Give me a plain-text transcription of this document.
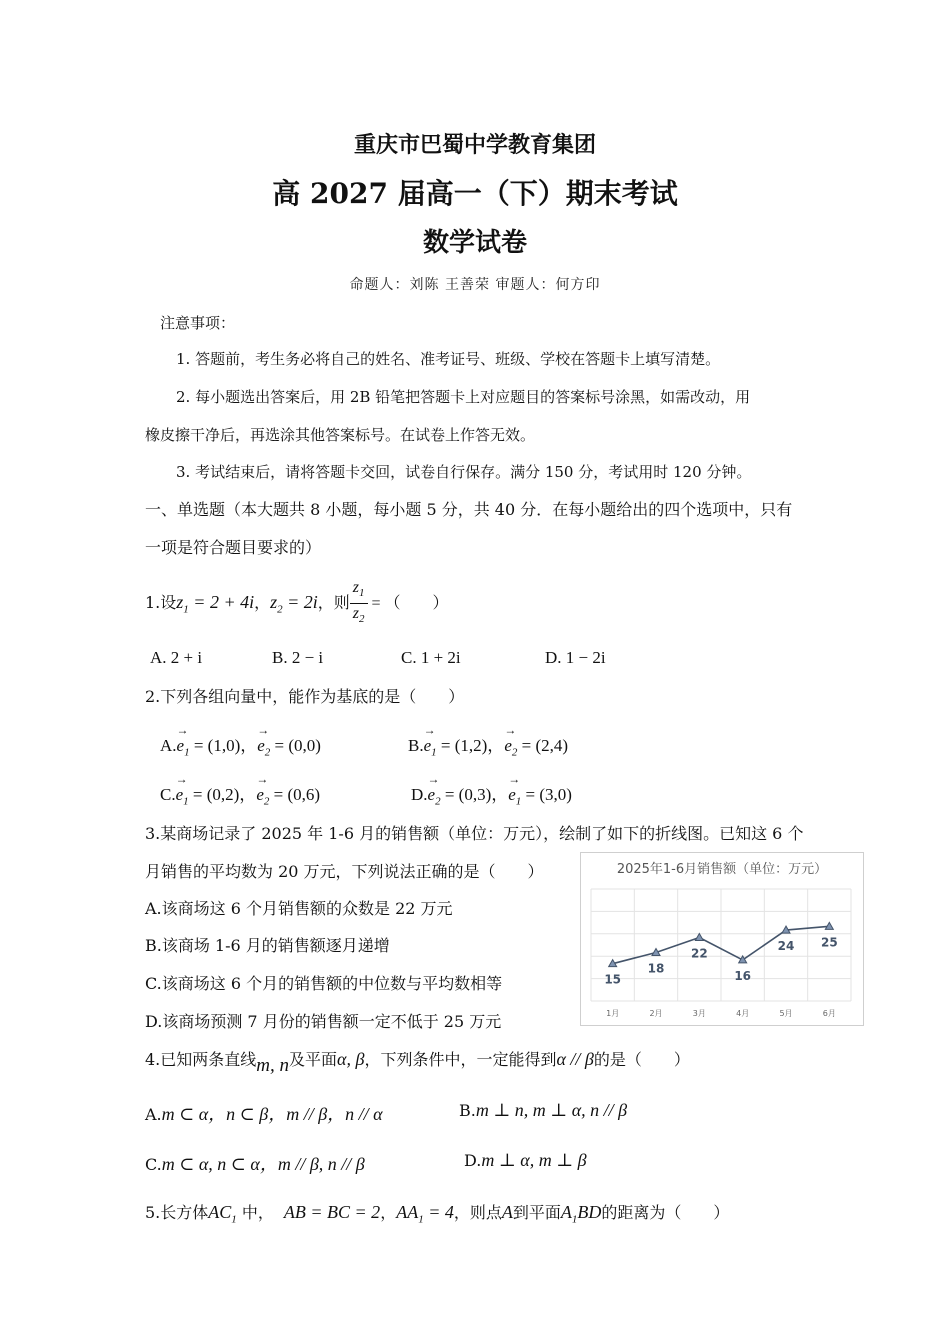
重庆市巴蜀中学教育集团
高 2027 届高一（下）期末考试
数学试卷
命题人：刘陈 王善荣 审题人：何方印
注意事项：
1. 答题前，考生务必将自己的姓名、准考证号、班级、学校在答题卡上填写清楚。
2. 每小题选出答案后，用 2B 铅笔把答题卡上对应题目的答案标号涂黑，如需改动，用
橡皮擦干净后，再选涂其他答案标号。在试卷上作答无效。
3. 考试结束后，请将答题卡交回，试卷自行保存。满分 150 分，考试用时 120 分钟。
一、单选题（本大题共 8 小题，每小题 5 分，共 40 分．在每小题给出的四个选项中，只有
一项是符合题目要求的）
1.设$z_1 = 2 + 4i$，$z_2 = 2i$，则 $\frac{z_1}{z_2}$ = （　　）
A. 2 + i	B. 2 − i	C. 1 + 2i	D. 1 − 2i
2.下列各组向量中，能作为基底的是（　　）
$A.\to e_1 = (1,0)$，→ $e_2 = (0,0)$	$B.\to e_1 = (1,2)$，→ $e_2 = (2,4)$
$C.\to e_1 = (0,2)$，→ $e_2 = (0,6)$	$D.\to e_2 = (0,3)$，→ $e_1 = (3,0)$
3.某商场记录了 2025 年 1-6 月的销售额（单位：万元），绘制了如下的折线图。已知这 6 个
月销售的平均数为 20 万元，下列说法正确的是（　　）
A.该商场这 6 个月销售额的众数是 22 万元
B.该商场 1-6 月的销售额逐月递增
C.该商场这 6 个月的销售额的中位数与平均数相等
D.该商场预测 7 月份的销售额一定不低于 25 万元
2025年1-6月销售额（单位：万元）
15
18
22
16
24 25
1月	2月	3月	4月	5月	6月
4.已知两条直线m, n及平面α, β，下列条件中，一定能得到α // β的是（　　）
A.m ⊂ α，n ⊂ β，m // β，n // α	B.m ⊥ n, m ⊥ α, n // β
C.m ⊂ α, n ⊂ α，m // β, n // β	D.m ⊥ α, m ⊥ β
5.长方体$AC_1$ 中， AB = BC = 2，$AA_1 = 4$，则点A到平面$A_1BD$的距离为（　　）
